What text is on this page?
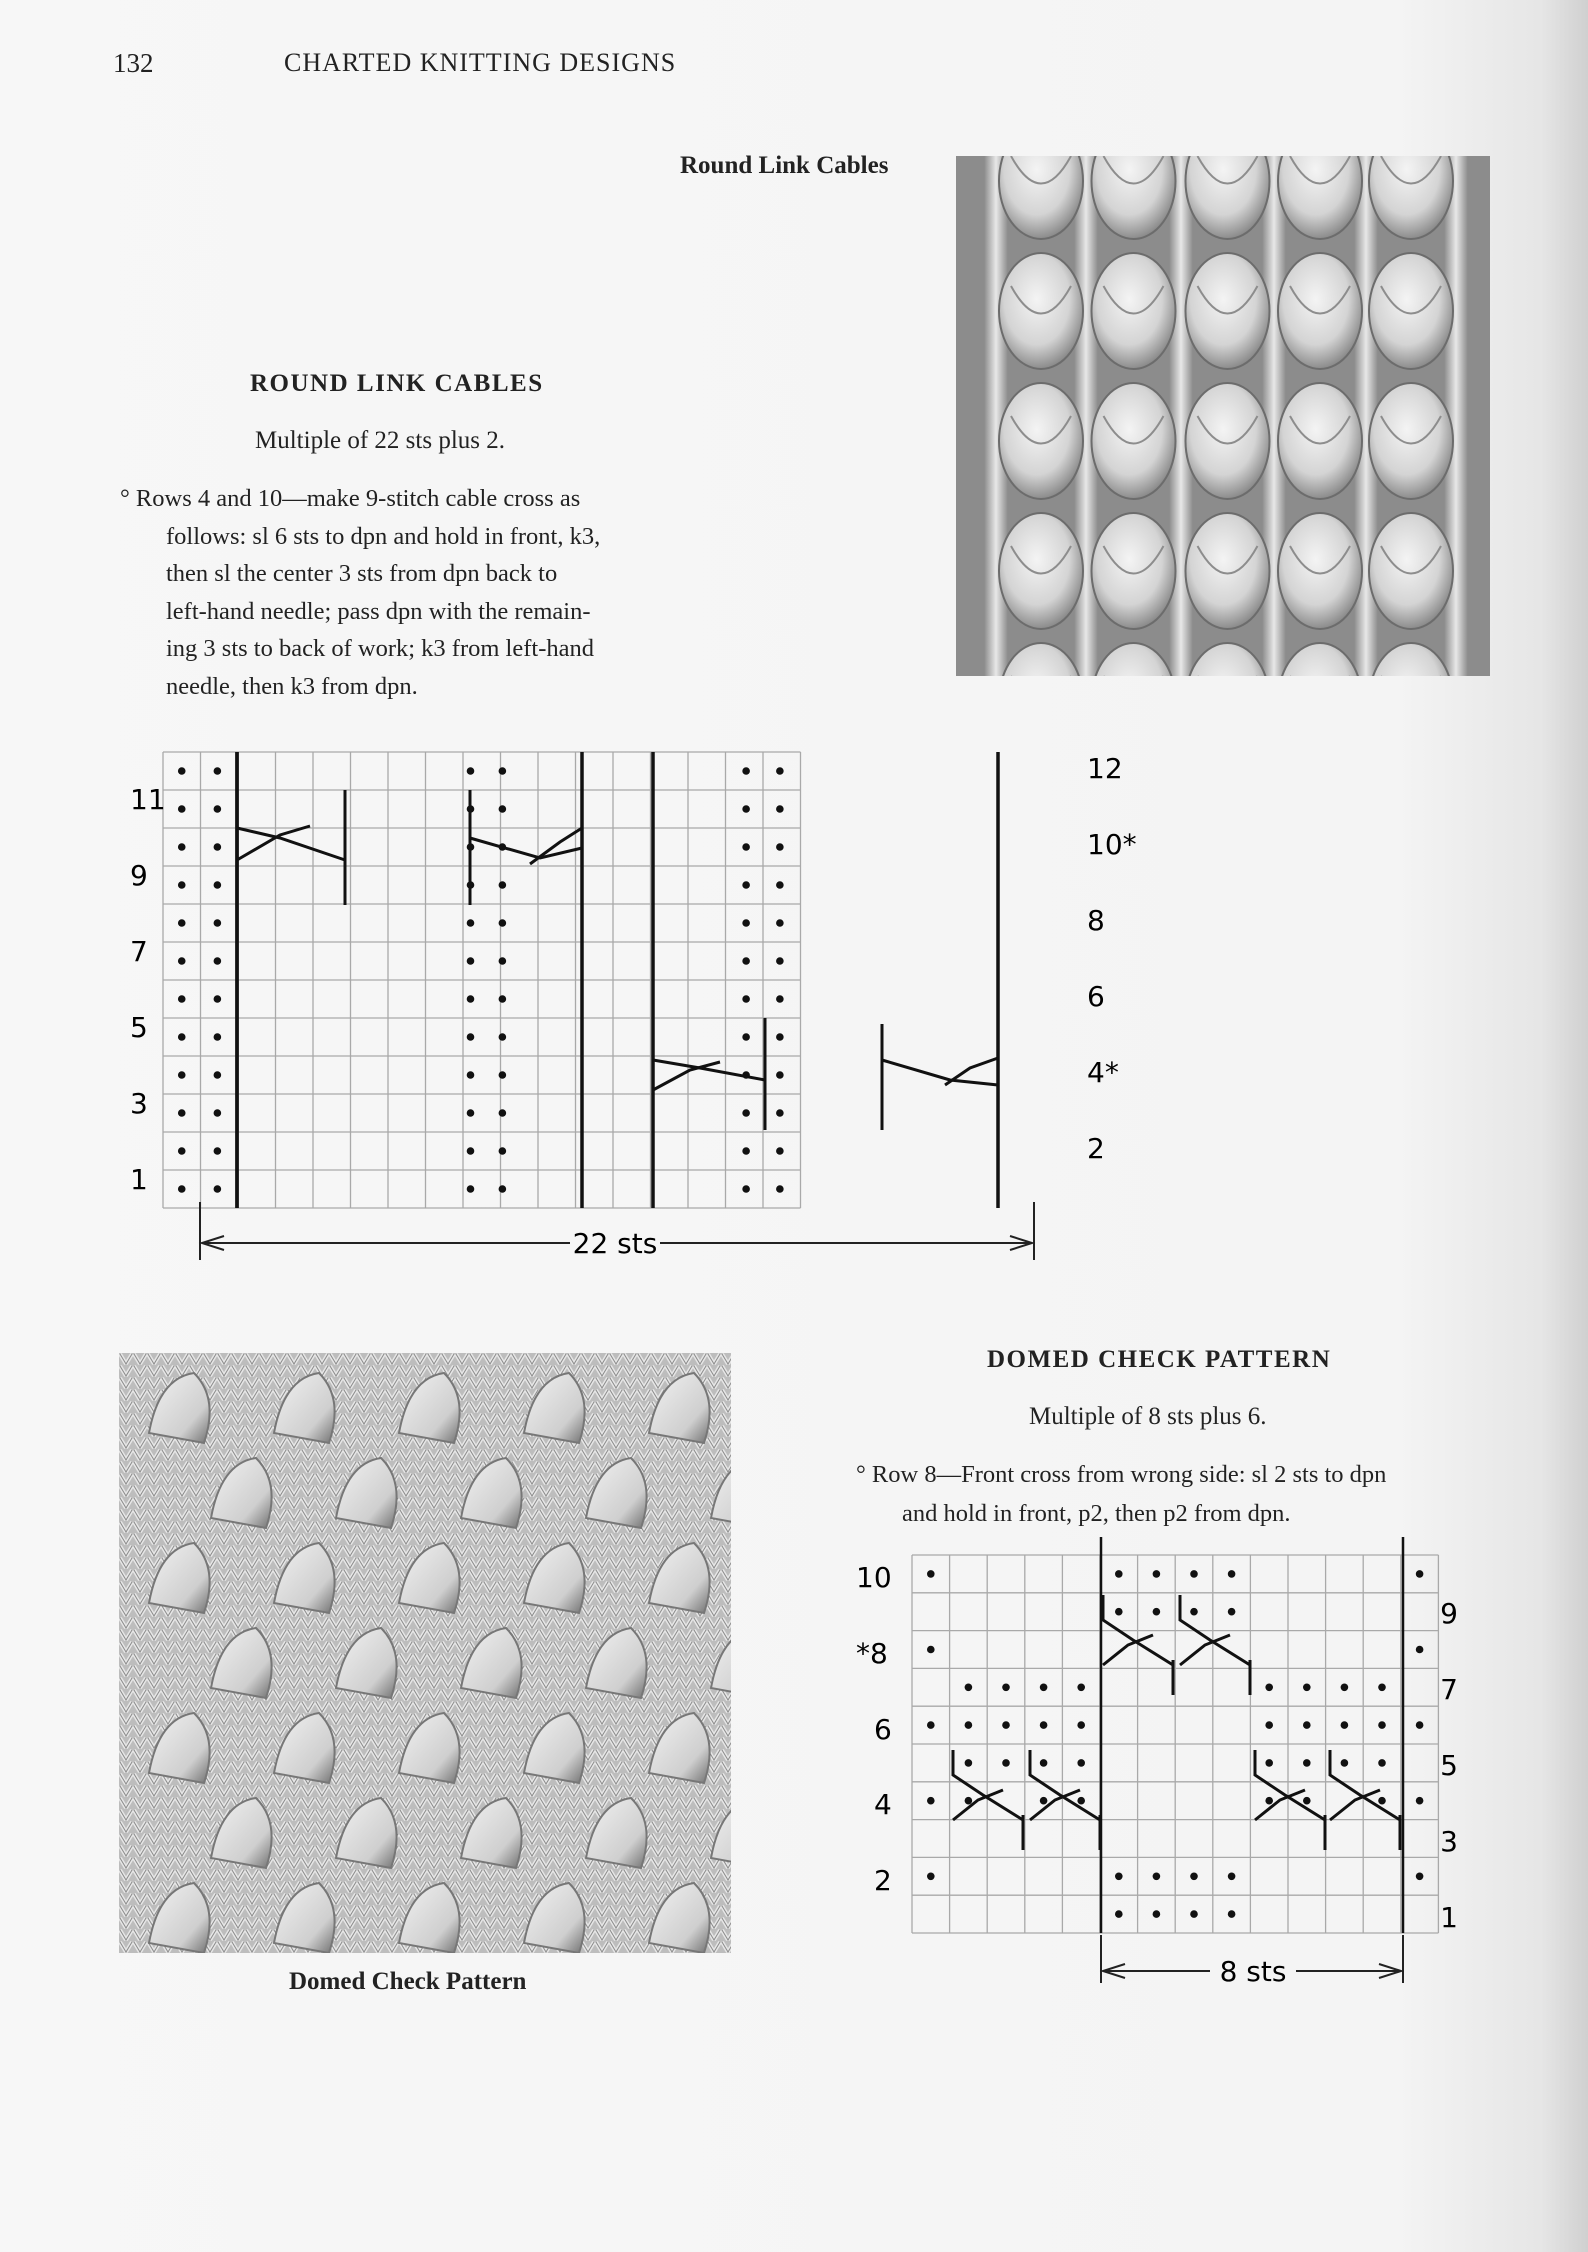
132	CHARTED KNITTING DESIGNS
Round Link Cables
ROUND LINK CABLES
Multiple of 22 sts plus 2.
° Rows 4 and 10—make 9-stitch cable cross as
follows: sl 6 sts to dpn and hold in front, k3,
then sl the center 3 sts from dpn back to
left-hand needle; pass dpn with the remain-
ing 3 sts to back of work; k3 from left-hand
needle, then k3 from dpn.
11
9
7
5
3
1
12
10*
8
6
4*
2
22 sts
Domed Check Pattern
DOMED CHECK PATTERN
Multiple of 8 sts plus 6.
° Row 8—Front cross from wrong side: sl 2 sts to dpn
and hold in front, p2, then p2 from dpn.
10
*8
6
4
2
9
7
5
3
1
8 sts
